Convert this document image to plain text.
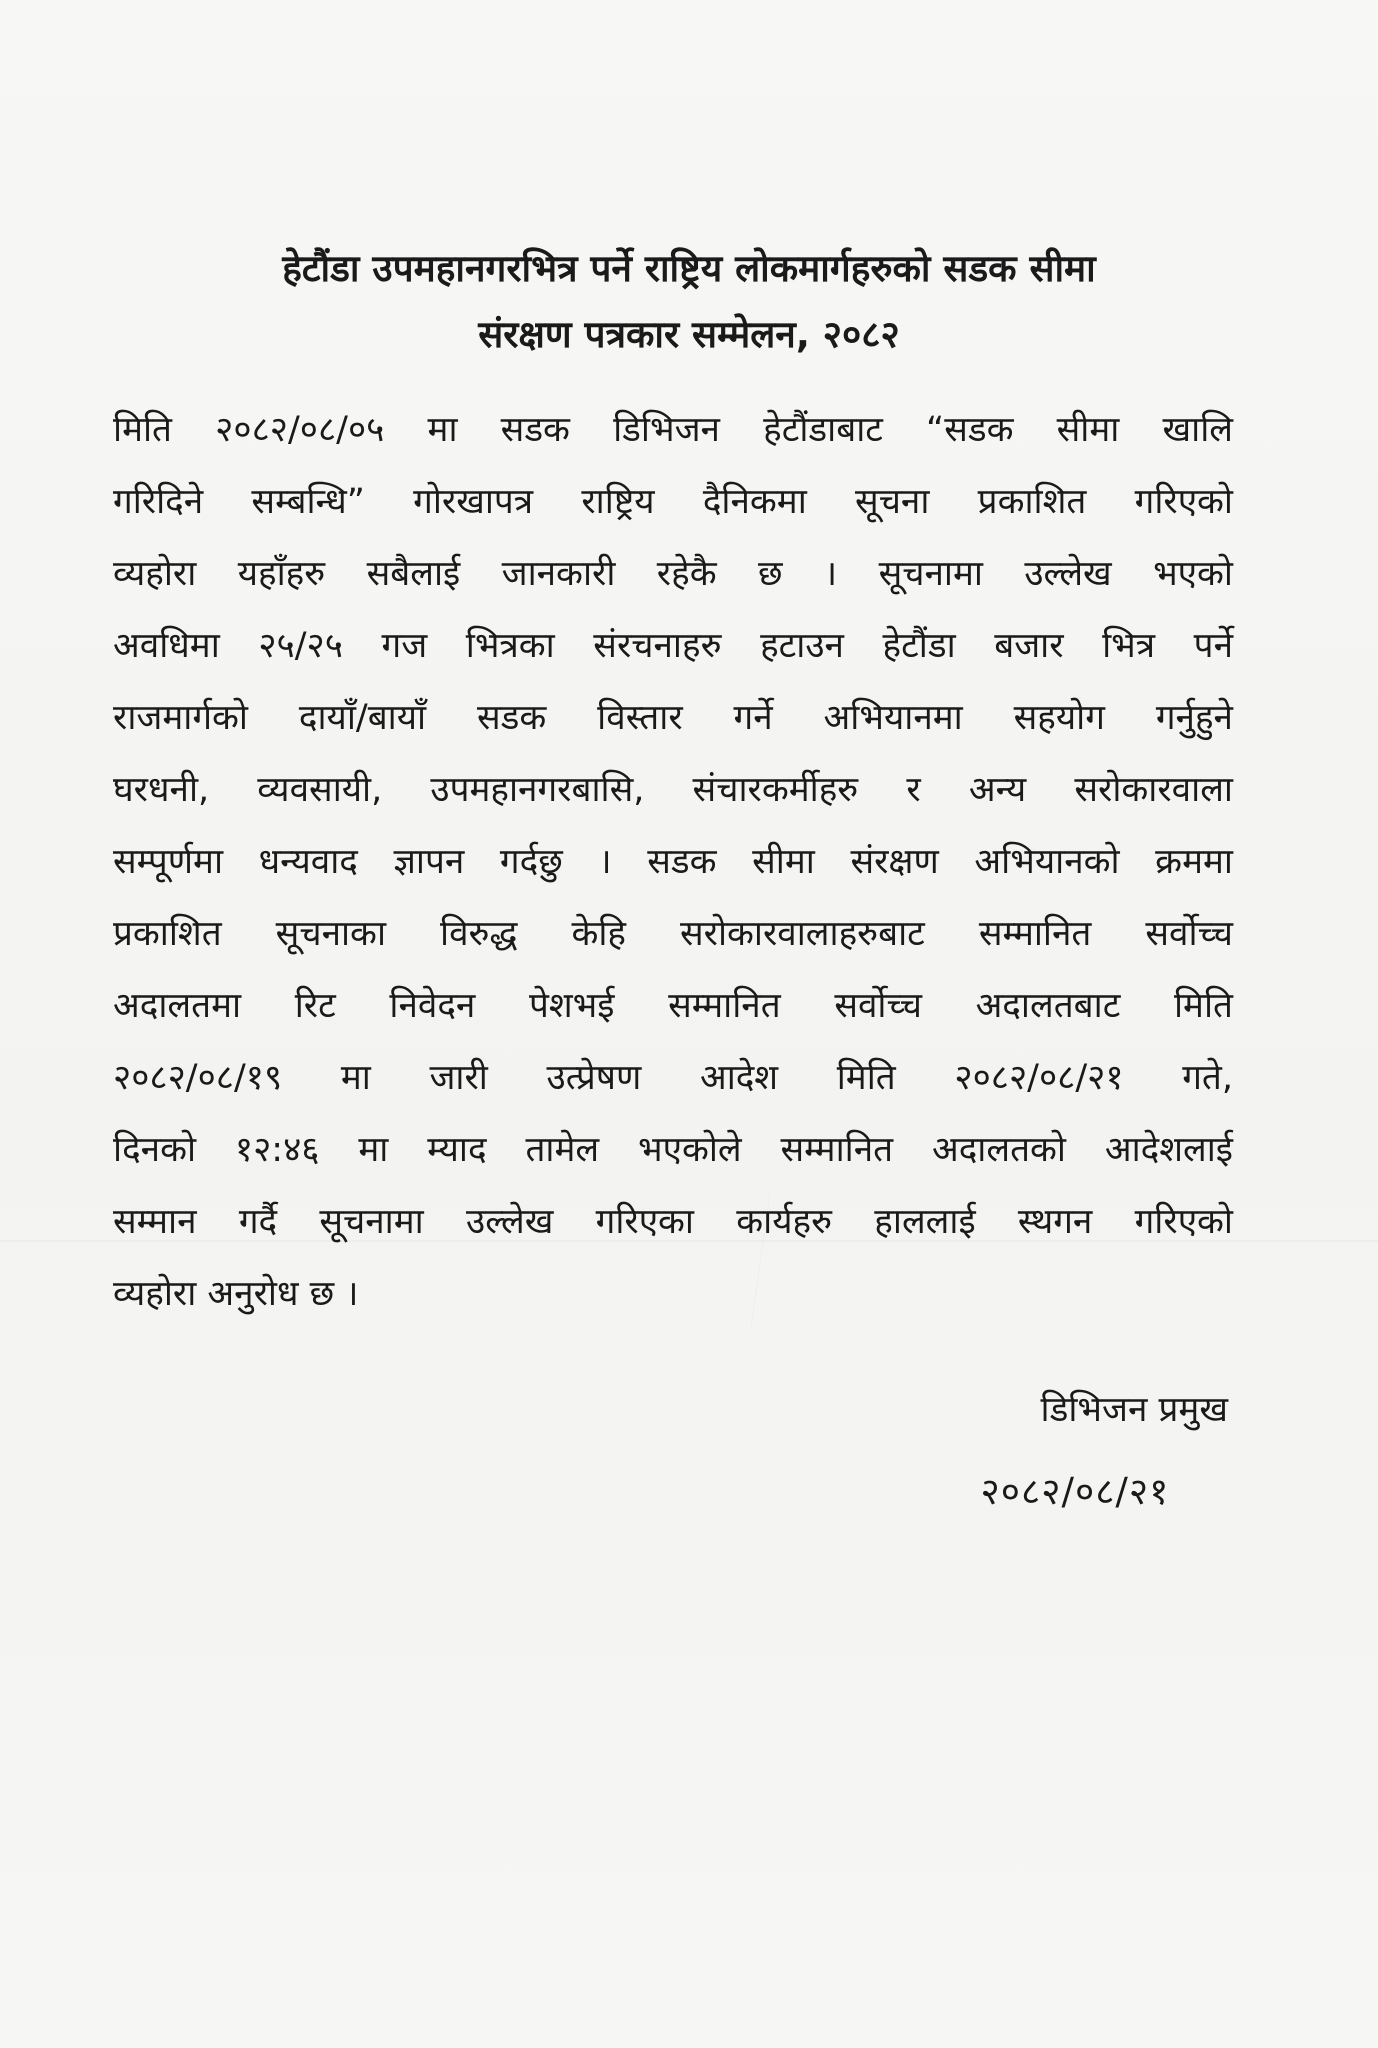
हेटौंडा उपमहानगरभित्र पर्ने राष्ट्रिय लोकमार्गहरुको सडक सीमा
संरक्षण पत्रकार सम्मेलन, २०८२
मिति २०८२/०८/०५ मा सडक डिभिजन हेटौंडाबाट “सडक सीमा खालि
गरिदिने सम्बन्धि” गोरखापत्र राष्ट्रिय दैनिकमा सूचना प्रकाशित गरिएको
व्यहोरा यहाँहरु सबैलाई जानकारी रहेकै छ । सूचनामा उल्लेख भएको
अवधिमा २५/२५ गज भित्रका संरचनाहरु हटाउन हेटौंडा बजार भित्र पर्ने
राजमार्गको दायाँ/बायाँ सडक विस्तार गर्ने अभियानमा सहयोग गर्नुहुने
घरधनी, व्यवसायी, उपमहानगरबासि, संचारकर्मीहरु र अन्य सरोकारवाला
सम्पूर्णमा धन्यवाद ज्ञापन गर्दछु । सडक सीमा संरक्षण अभियानको क्रममा
प्रकाशित सूचनाका विरुद्ध केहि सरोकारवालाहरुबाट सम्मानित सर्वोच्च
अदालतमा रिट निवेदन पेशभई सम्मानित सर्वोच्च अदालतबाट मिति
२०८२/०८/१९ मा जारी उत्प्रेषण आदेश मिति २०८२/०८/२१ गते,
दिनको १२:४६ मा म्याद तामेल भएकोले सम्मानित अदालतको आदेशलाई
सम्मान गर्दै सूचनामा उल्लेख गरिएका कार्यहरु हाललाई स्थगन गरिएको
व्यहोरा अनुरोध छ ।
डिभिजन प्रमुख
२०८२/०८/२१
